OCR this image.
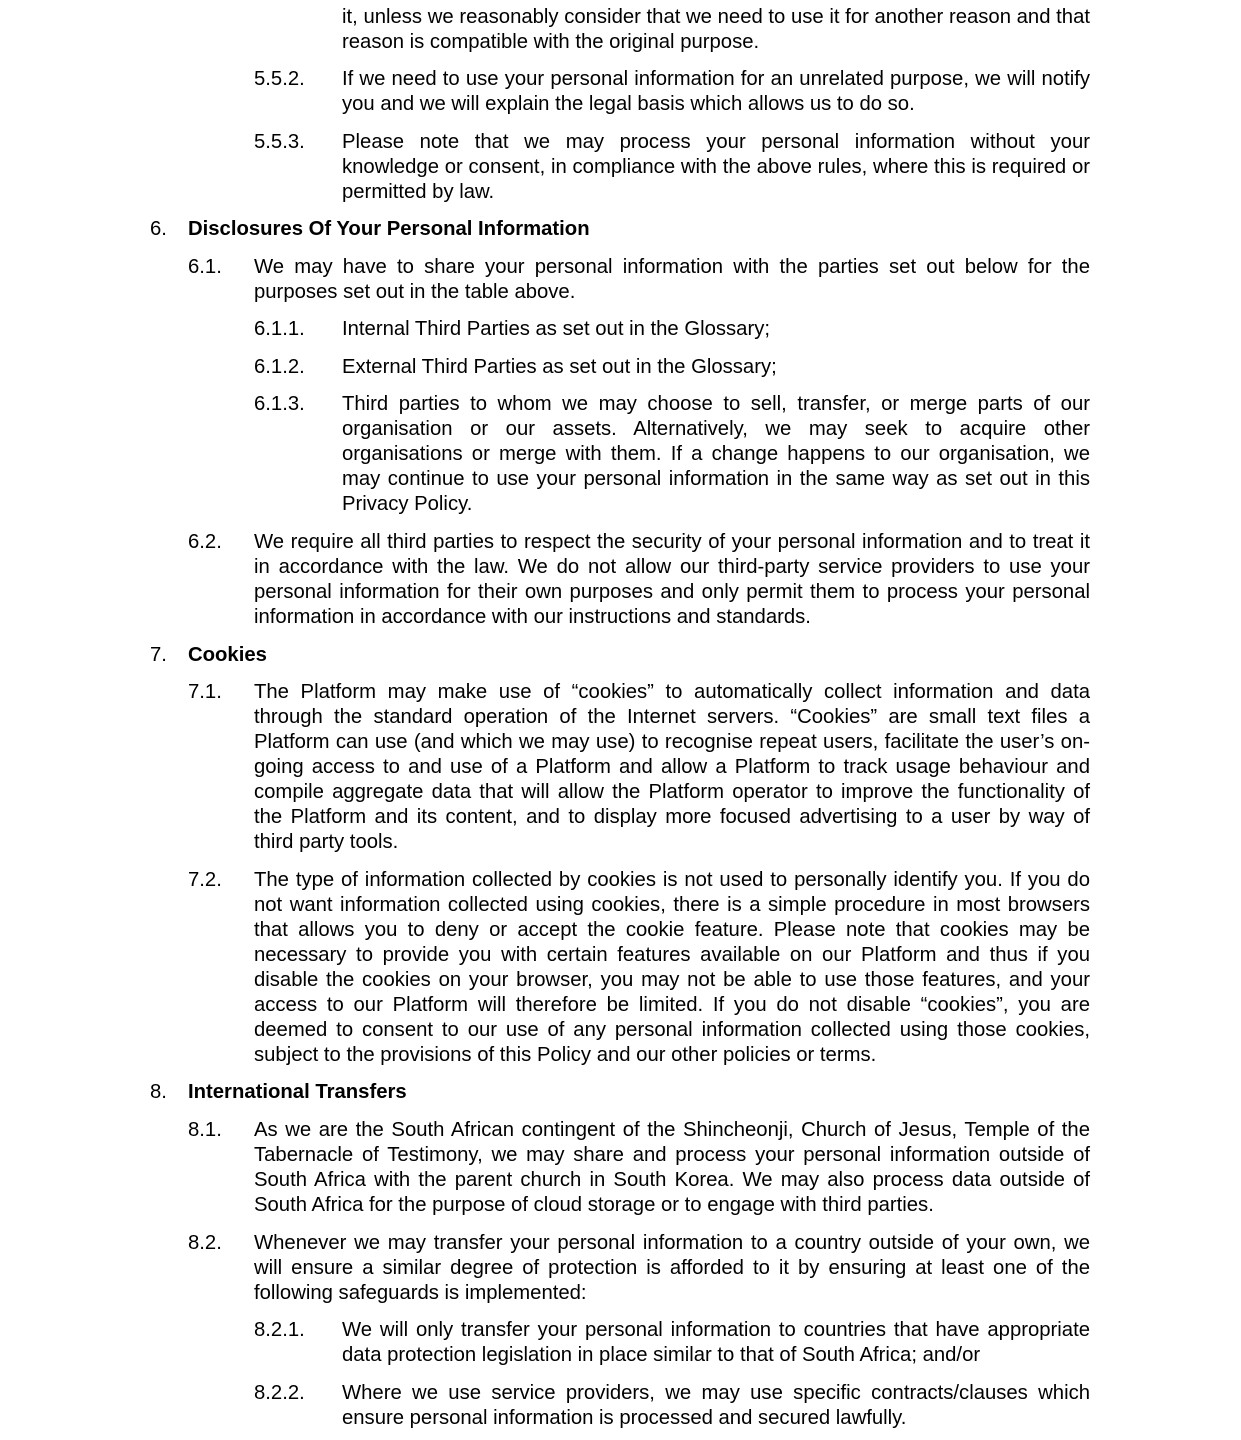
it, unless we reasonably consider that we need to use it for another reason and that reason is compatible with the original purpose.
5.5.2. If we need to use your personal information for an unrelated purpose, we will notify you and we will explain the legal basis which allows us to do so.
5.5.3. Please note that we may process your personal information without your knowledge or consent, in compliance with the above rules, where this is required or permitted by law.
6. Disclosures Of Your Personal Information
6.1. We may have to share your personal information with the parties set out below for the purposes set out in the table above.
6.1.1. Internal Third Parties as set out in the Glossary;
6.1.2. External Third Parties as set out in the Glossary;
6.1.3. Third parties to whom we may choose to sell, transfer, or merge parts of our organisation or our assets. Alternatively, we may seek to acquire other organisations or merge with them. If a change happens to our organisation, we may continue to use your personal information in the same way as set out in this Privacy Policy.
6.2. We require all third parties to respect the security of your personal information and to treat it in accordance with the law. We do not allow our third-party service providers to use your personal information for their own purposes and only permit them to process your personal information in accordance with our instructions and standards.
7. Cookies
7.1. The Platform may make use of “cookies” to automatically collect information and data through the standard operation of the Internet servers. “Cookies” are small text files a Platform can use (and which we may use) to recognise repeat users, facilitate the user’s on-going access to and use of a Platform and allow a Platform to track usage behaviour and compile aggregate data that will allow the Platform operator to improve the functionality of the Platform and its content, and to display more focused advertising to a user by way of third party tools.
7.2. The type of information collected by cookies is not used to personally identify you. If you do not want information collected using cookies, there is a simple procedure in most browsers that allows you to deny or accept the cookie feature. Please note that cookies may be necessary to provide you with certain features available on our Platform and thus if you disable the cookies on your browser, you may not be able to use those features, and your access to our Platform will therefore be limited. If you do not disable “cookies”, you are deemed to consent to our use of any personal information collected using those cookies, subject to the provisions of this Policy and our other policies or terms.
8. International Transfers
8.1. As we are the South African contingent of the Shincheonji, Church of Jesus, Temple of the Tabernacle of Testimony, we may share and process your personal information outside of South Africa with the parent church in South Korea. We may also process data outside of South Africa for the purpose of cloud storage or to engage with third parties.
8.2. Whenever we may transfer your personal information to a country outside of your own, we will ensure a similar degree of protection is afforded to it by ensuring at least one of the following safeguards is implemented:
8.2.1. We will only transfer your personal information to countries that have appropriate data protection legislation in place similar to that of South Africa; and/or
8.2.2. Where we use service providers, we may use specific contracts/clauses which ensure personal information is processed and secured lawfully.
